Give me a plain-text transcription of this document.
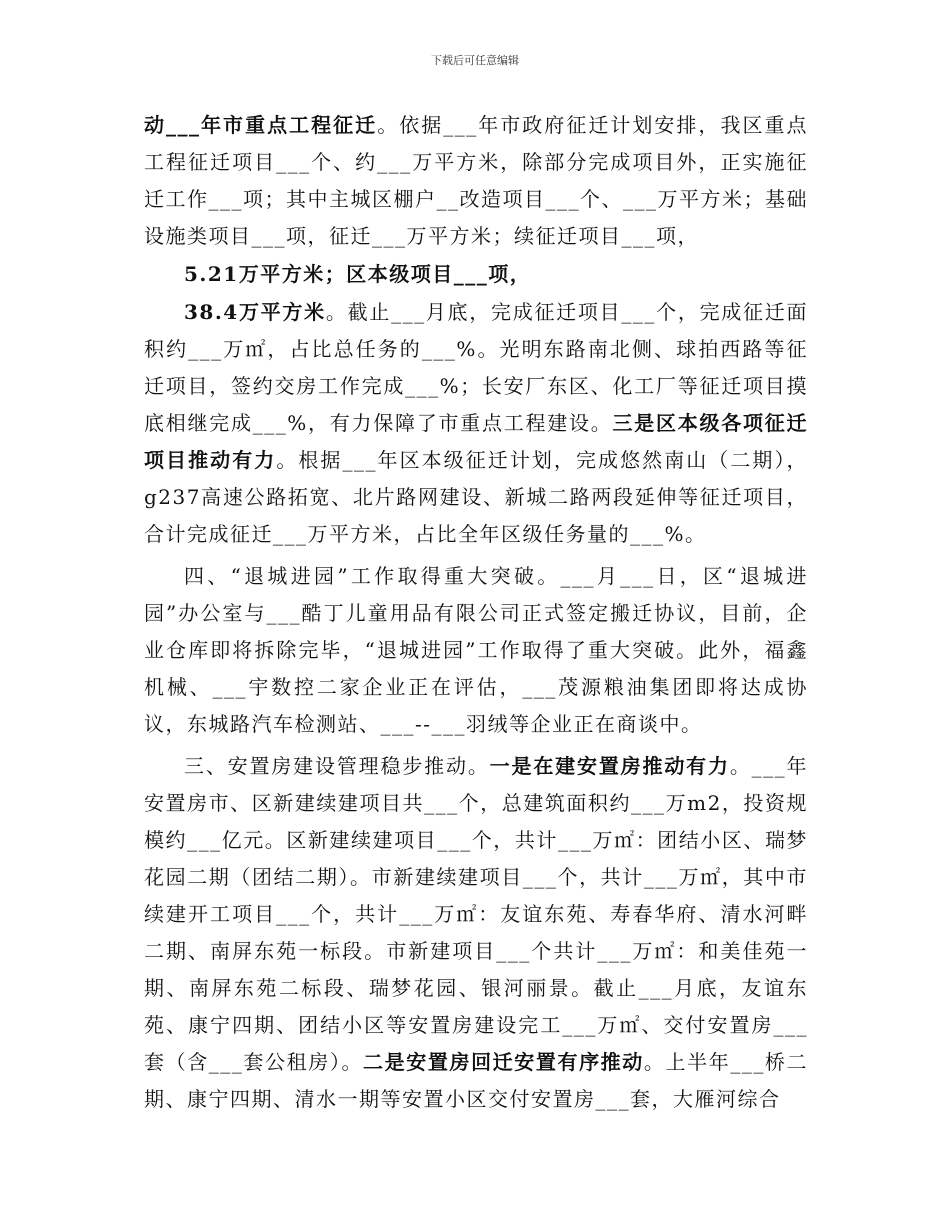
下载后可任意编辑

动___年市重点工程征迁。依据___年市政府征迁计划安排，我区重点工程征迁项目___个、约___万平方米，除部分完成项目外，正实施征迁工作___项；其中主城区棚户__改造项目___个、___万平方米；基础设施类项目___项，征迁___万平方米；续征迁项目___项，

5.21万平方米；区本级项目___项，

38.4万平方米。截止___月底，完成征迁项目___个，完成征迁面积约___万㎡，占比总任务的___%。光明东路南北侧、球拍西路等征迁项目，签约交房工作完成___%；长安厂东区、化工厂等征迁项目摸底相继完成___%，有力保障了市重点工程建设。三是区本级各项征迁项目推动有力。根据___年区本级征迁计划，完成悠然南山（二期），g237高速公路拓宽、北片路网建设、新城二路两段延伸等征迁项目，合计完成征迁___万平方米，占比全年区级任务量的___%。

四、“退城进园”工作取得重大突破。___月___日，区“退城进园”办公室与___酷丁儿童用品有限公司正式签定搬迁协议，目前，企业仓库即将拆除完毕，“退城进园”工作取得了重大突破。此外，福鑫机械、___宇数控二家企业正在评估，___茂源粮油集团即将达成协议，东城路汽车检测站、___--___羽绒等企业正在商谈中。

三、安置房建设管理稳步推动。一是在建安置房推动有力。___年安置房市、区新建续建项目共___个，总建筑面积约___万m2，投资规模约___亿元。区新建续建项目___个，共计___万㎡：团结小区、瑞梦花园二期（团结二期）。市新建续建项目___个，共计___万㎡，其中市续建开工项目___个，共计___万㎡：友谊东苑、寿春华府、清水河畔二期、南屏东苑一标段。市新建项目___个共计___万㎡：和美佳苑一期、南屏东苑二标段、瑞梦花园、银河丽景。截止___月底，友谊东苑、康宁四期、团结小区等安置房建设完工___万㎡、交付安置房___套（含___套公租房）。二是安置房回迁安置有序推动。上半年___桥二期、康宁四期、清水一期等安置小区交付安置房___套，大雁河综合
